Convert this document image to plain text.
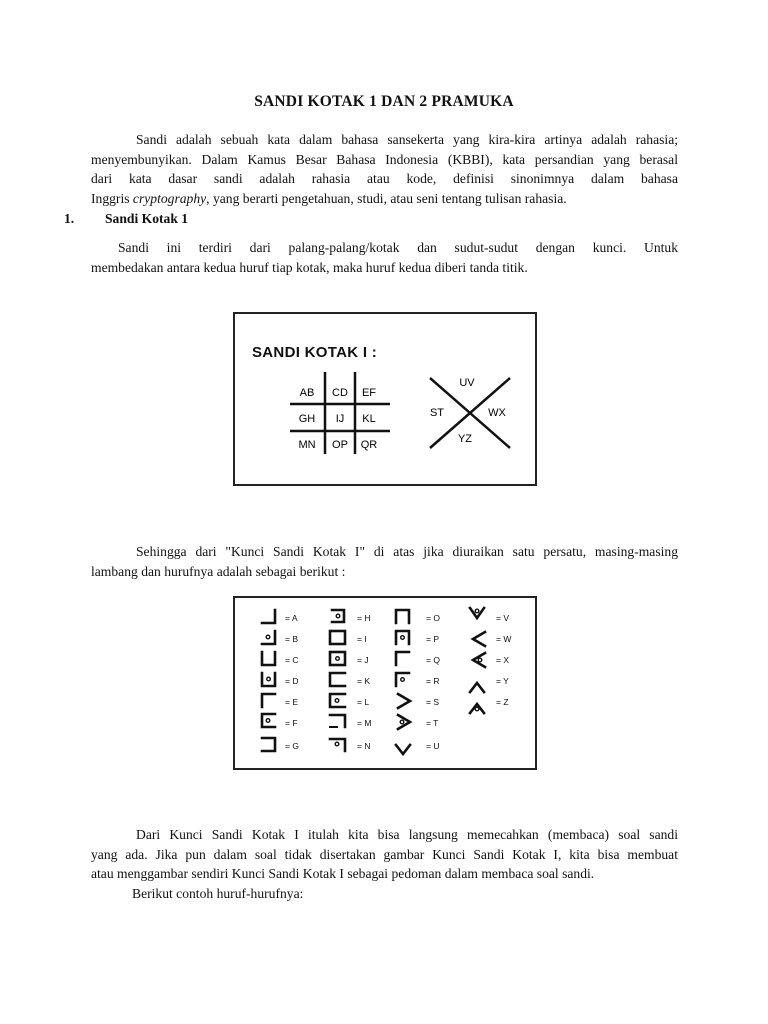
SANDI KOTAK 1 DAN 2 PRAMUKA
Sandi adalah sebuah kata dalam bahasa sansekerta yang kira-kira artinya adalah rahasia;
menyembunyikan. Dalam Kamus Besar Bahasa Indonesia (KBBI), kata persandian yang berasal
dari kata dasar sandi adalah rahasia atau kode, definisi sinonimnya dalam bahasa
Inggris cryptography, yang berarti pengetahuan, studi, atau seni tentang tulisan rahasia.
1. Sandi Kotak 1
Sandi ini terdiri dari palang-palang/kotak dan sudut-sudut dengan kunci. Untuk
membedakan antara kedua huruf tiap kotak, maka huruf kedua diberi tanda titik.
SANDI KOTAK I :
AB CD EF
GH IJ KL
MN OP QR
UV
ST	WX
YZ
Sehingga dari "Kunci Sandi Kotak I" di atas jika diuraikan satu persatu, masing-masing
lambang dan hurufnya adalah sebagai berikut :
= A
= B
= C
= D
= E
= F
= G
= H
= I
= J
= K
= L
= M
= N
= O
= P
= Q
= R
= S
= T
= U
= V
= W
= X
= Y
= Z
Dari Kunci Sandi Kotak I itulah kita bisa langsung memecahkan (membaca) soal sandi
yang ada. Jika pun dalam soal tidak disertakan gambar Kunci Sandi Kotak I, kita bisa membuat
atau menggambar sendiri Kunci Sandi Kotak I sebagai pedoman dalam membaca soal sandi.
Berikut contoh huruf-hurufnya:
